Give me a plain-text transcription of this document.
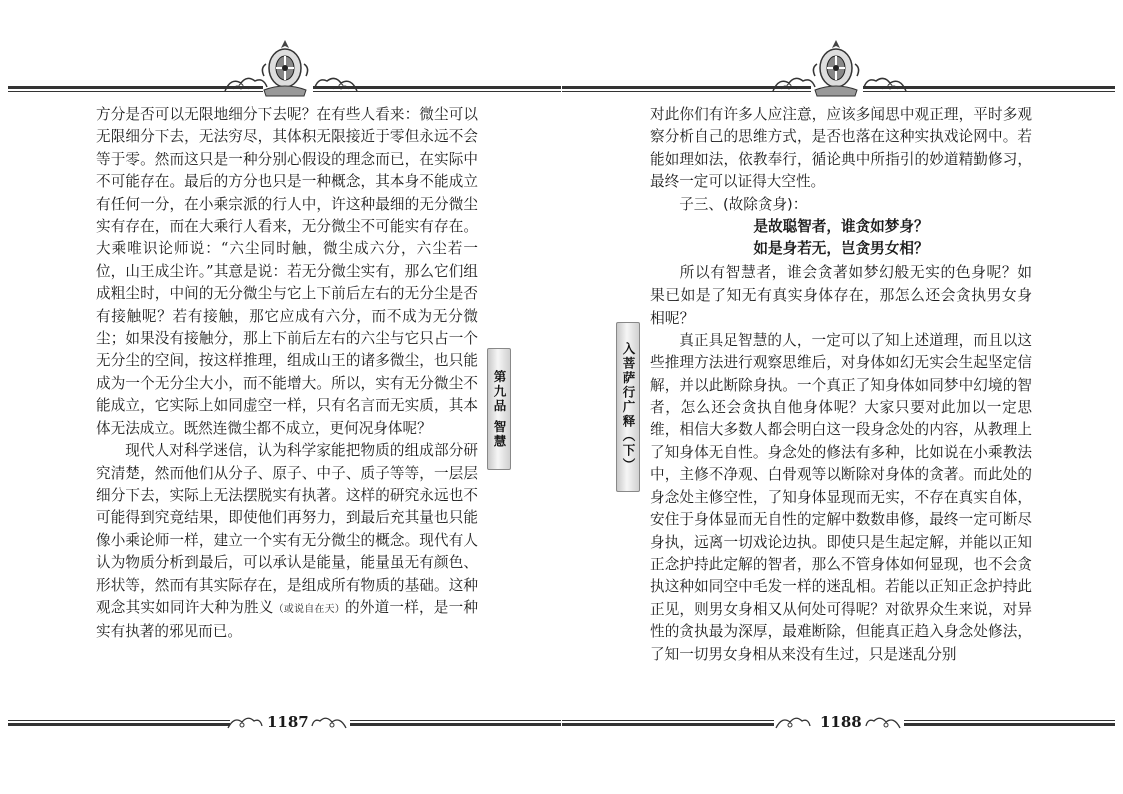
方分是否可以无限地细分下去呢？在有些人看来：微尘可以无限细分下去，无法穷尽，其体积无限接近于零但永远不会等于零。然而这只是一种分别心假设的理念而已，在实际中不可能存在。最后的方分也只是一种概念，其本身不能成立有任何一分，在小乘宗派的行人中，许这种最细的无分微尘实有存在，而在大乘行人看来，无分微尘不可能实有存在。大乘唯识论师说：“六尘同时触，微尘成六分，六尘若一位，山王成尘许。”其意是说：若无分微尘实有，那么它们组成粗尘时，中间的无分微尘与它上下前后左右的无分尘是否有接触呢？若有接触，那它应成有六分，而不成为无分微尘；如果没有接触分，那上下前后左右的六尘与它只占一个无分尘的空间，按这样推理，组成山王的诸多微尘，也只能成为一个无分尘大小，而不能增大。所以，实有无分微尘不能成立，它实际上如同虚空一样，只有名言而无实质，其本体无法成立。既然连微尘都不成立，更何况身体呢？

现代人对科学迷信，认为科学家能把物质的组成部分研究清楚，然而他们从分子、原子、中子、质子等等，一层层细分下去，实际上无法摆脱实有执著。这样的研究永远也不可能得到究竟结果，即使他们再努力，到最后充其量也只能像小乘论师一样，建立一个实有无分微尘的概念。现代有人认为物质分析到最后，可以承认是能量，能量虽无有颜色、形状等，然而有其实际存在，是组成所有物质的基础。这种观念其实如同许大种为胜义（或说自在天）的外道一样，是一种实有执著的邪见而已。

第九品 智慧
1187
入菩萨行广释（下）

对此你们有许多人应注意，应该多闻思中观正理，平时多观察分析自己的思维方式，是否也落在这种实执戏论网中。若能如理如法，依教奉行，循论典中所指引的妙道精勤修习，最终一定可以证得大空性。

子三、(故除贪身)：

是故聪智者，谁贪如梦身？

如是身若无，岂贪男女相？

所以有智慧者，谁会贪著如梦幻般无实的色身呢？如果已如是了知无有真实身体存在，那怎么还会贪执男女身相呢？

真正具足智慧的人，一定可以了知上述道理，而且以这些推理方法进行观察思维后，对身体如幻无实会生起坚定信解，并以此断除身执。一个真正了知身体如同梦中幻境的智者，怎么还会贪执自他身体呢？大家只要对此加以一定思维，相信大多数人都会明白这一段身念处的内容，从教理上了知身体无自性。身念处的修法有多种，比如说在小乘教法中，主修不净观、白骨观等以断除对身体的贪著。而此处的身念处主修空性，了知身体显现而无实，不存在真实自体，安住于身体显而无自性的定解中数数串修，最终一定可断尽身执，远离一切戏论边执。即使只是生起定解，并能以正知正念护持此定解的智者，那么不管身体如何显现，也不会贪执这种如同空中毛发一样的迷乱相。若能以正知正念护持此正见，则男女身相又从何处可得呢？对欲界众生来说，对异性的贪执最为深厚，最难断除，但能真正趋入身念处修法，了知一切男女身相从来没有生过，只是迷乱分别

1188
